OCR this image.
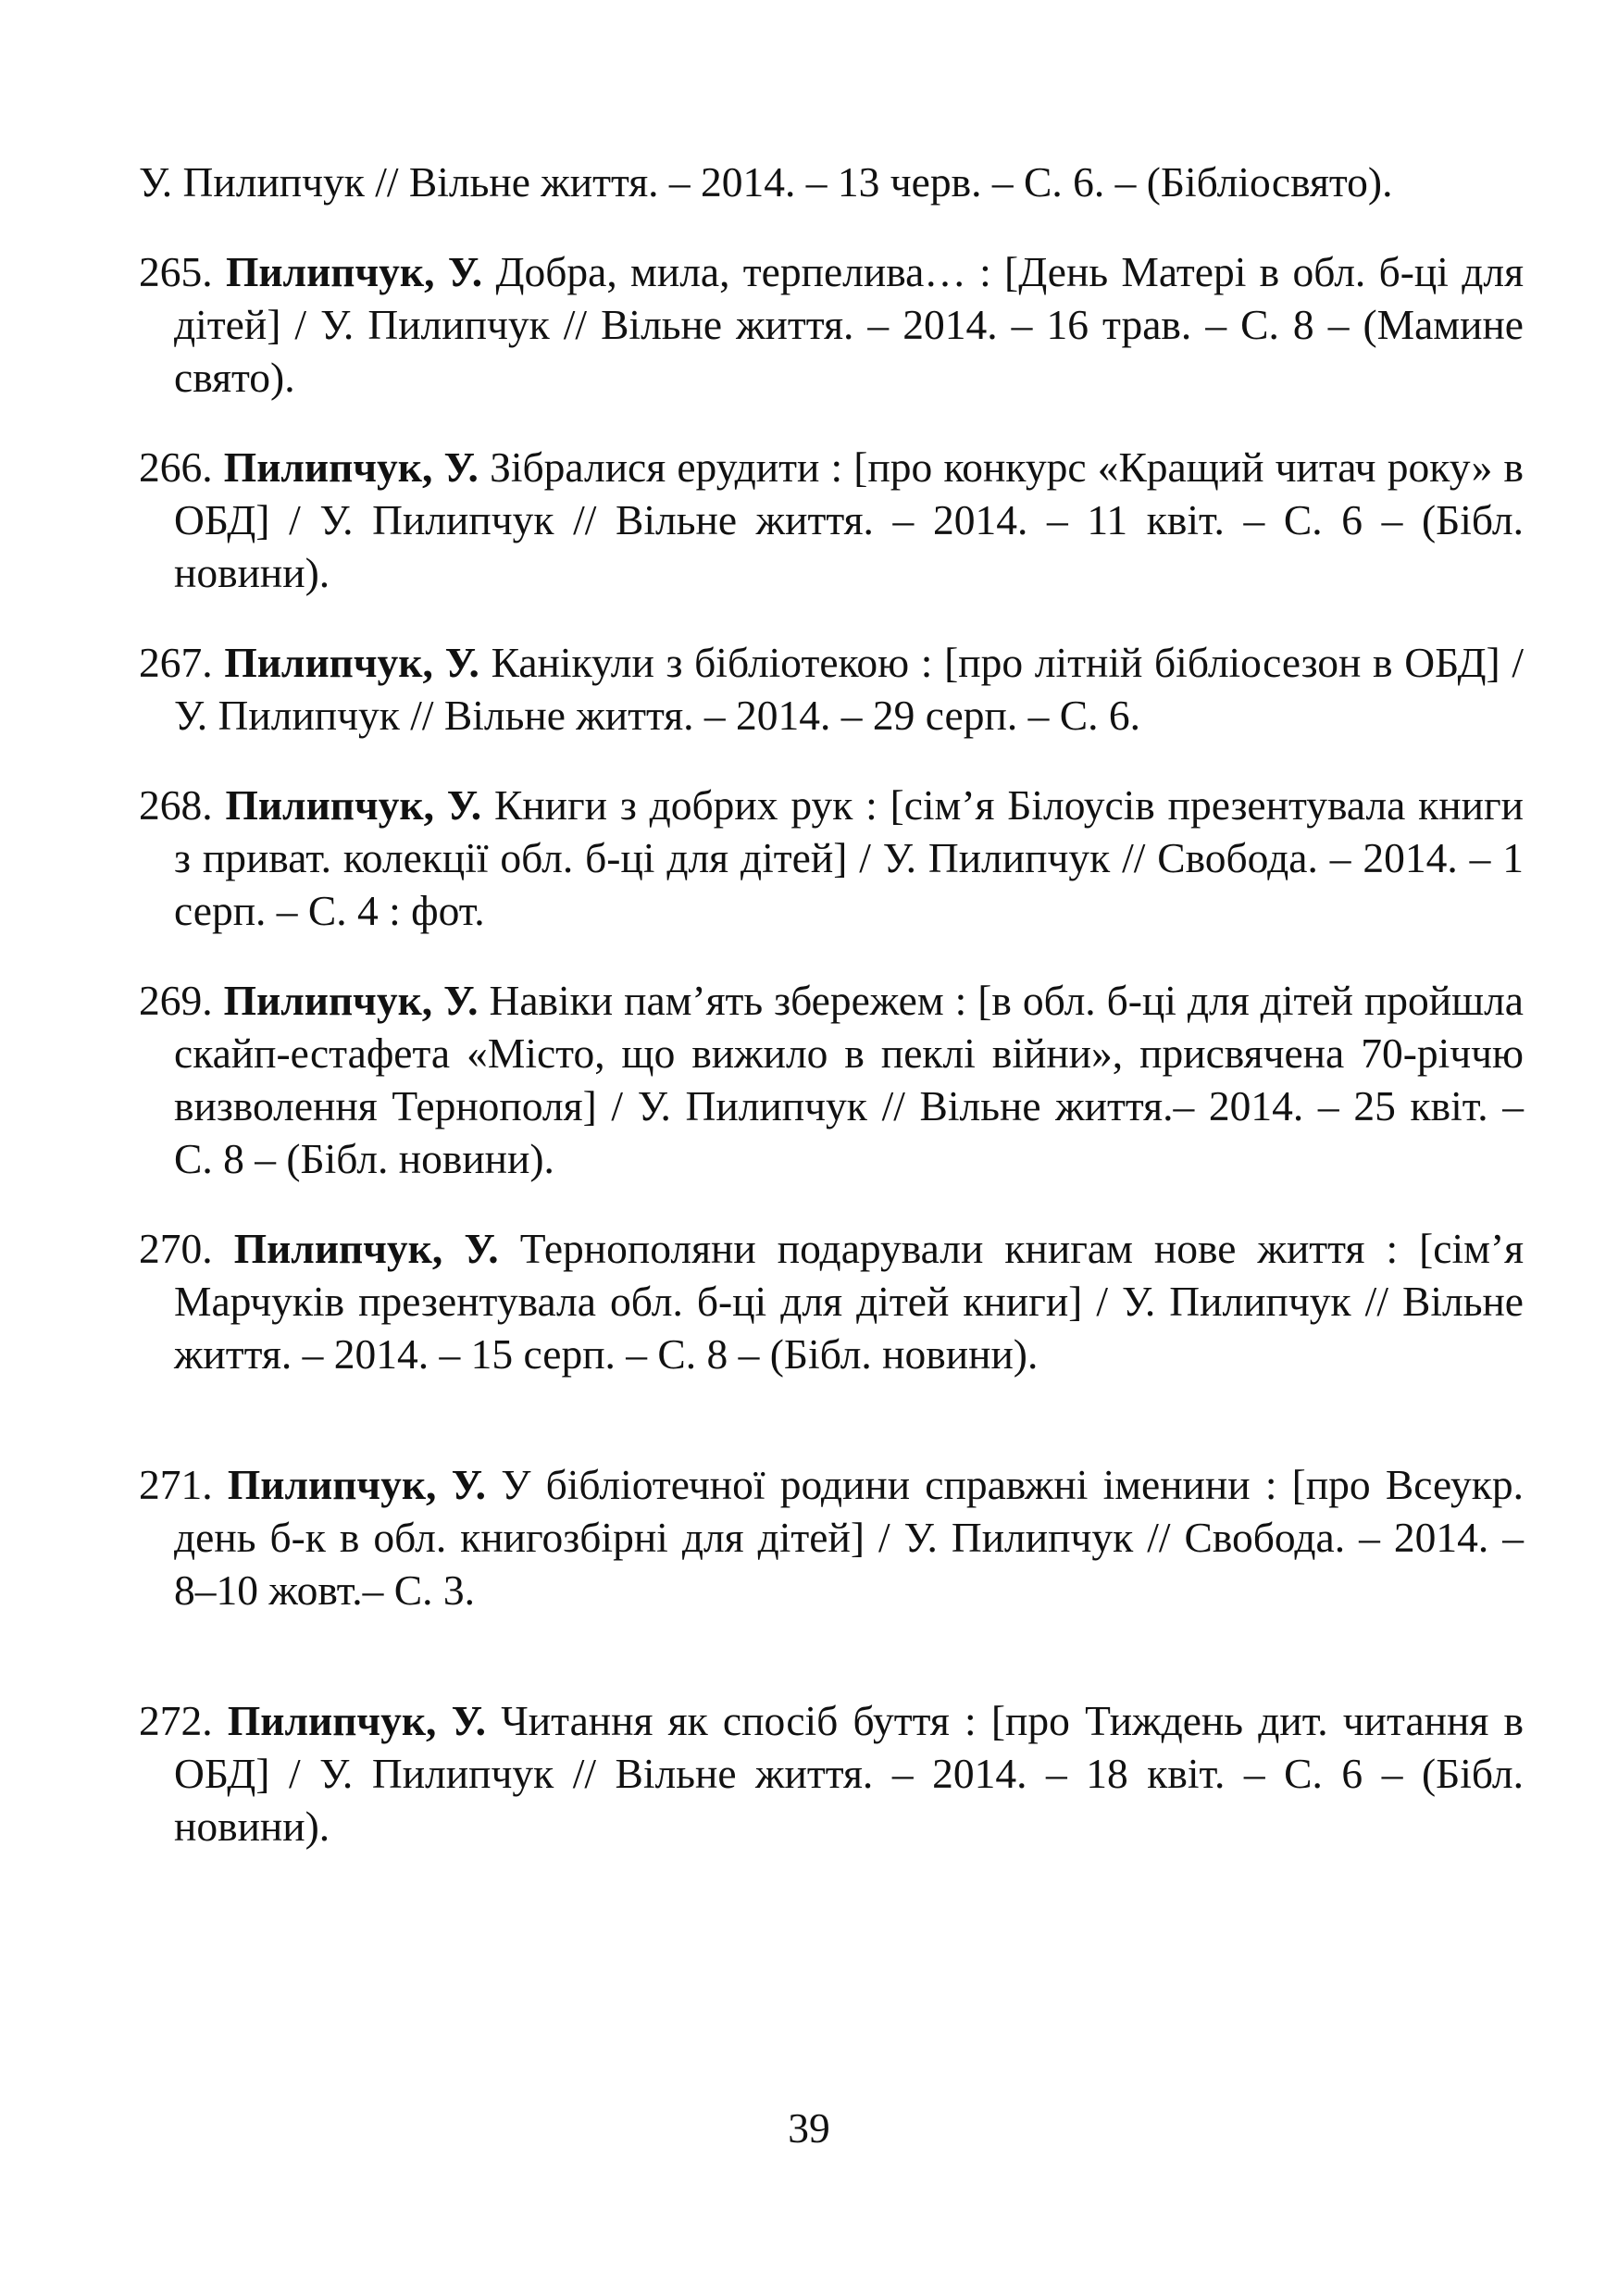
У. Пилипчук // Вільне життя. – 2014. – 13 черв. – С. 6. – (Бібліосвято).

265. Пилипчук, У. Добра, мила, терпелива… : [День Матері в обл. б-ці для дітей] / У. Пилипчук // Вільне життя. – 2014. – 16 трав. – С. 8 – (Мамине свято).

266. Пилипчук, У. Зібралися ерудити : [про конкурс «Кращий читач року» в ОБД] / У. Пилипчук // Вільне життя. – 2014. – 11 квіт. – С. 6 – (Бібл. новини).

267. Пилипчук, У. Канікули з бібліотекою : [про літній бібліосезон в ОБД] / У. Пилипчук // Вільне життя. – 2014. – 29 серп. – С. 6.

268. Пилипчук, У. Книги з добрих рук : [сім’я Білоусів презентувала книги з приват. колекції обл. б-ці для дітей] / У. Пилипчук // Свобода. – 2014. – 1 серп. – С. 4 : фот.

269. Пилипчук, У. Навіки пам’ять збережем : [в обл. б-ці для дітей пройшла скайп-естафета «Місто, що вижило в пеклі війни», присвячена 70-річчю визволення Тернополя] / У. Пилипчук // Вільне життя.– 2014. – 25 квіт. – С. 8 – (Бібл. новини).

270. Пилипчук, У. Тернополяни подарували книгам нове життя : [сім’я Марчуків презентувала обл. б-ці для дітей книги] / У. Пилипчук // Вільне життя. – 2014. – 15 серп. – С. 8 – (Бібл. новини).

271. Пилипчук, У. У бібліотечної родини справжні іменини : [про Всеукр. день б-к в обл. книгозбірні для дітей] / У. Пилипчук // Свобода. – 2014. – 8–10 жовт.– С. 3.

272. Пилипчук, У. Читання як спосіб буття : [про Тиждень дит. читання в ОБД] / У. Пилипчук // Вільне життя. – 2014. – 18 квіт. – С. 6 – (Бібл. новини).

39
